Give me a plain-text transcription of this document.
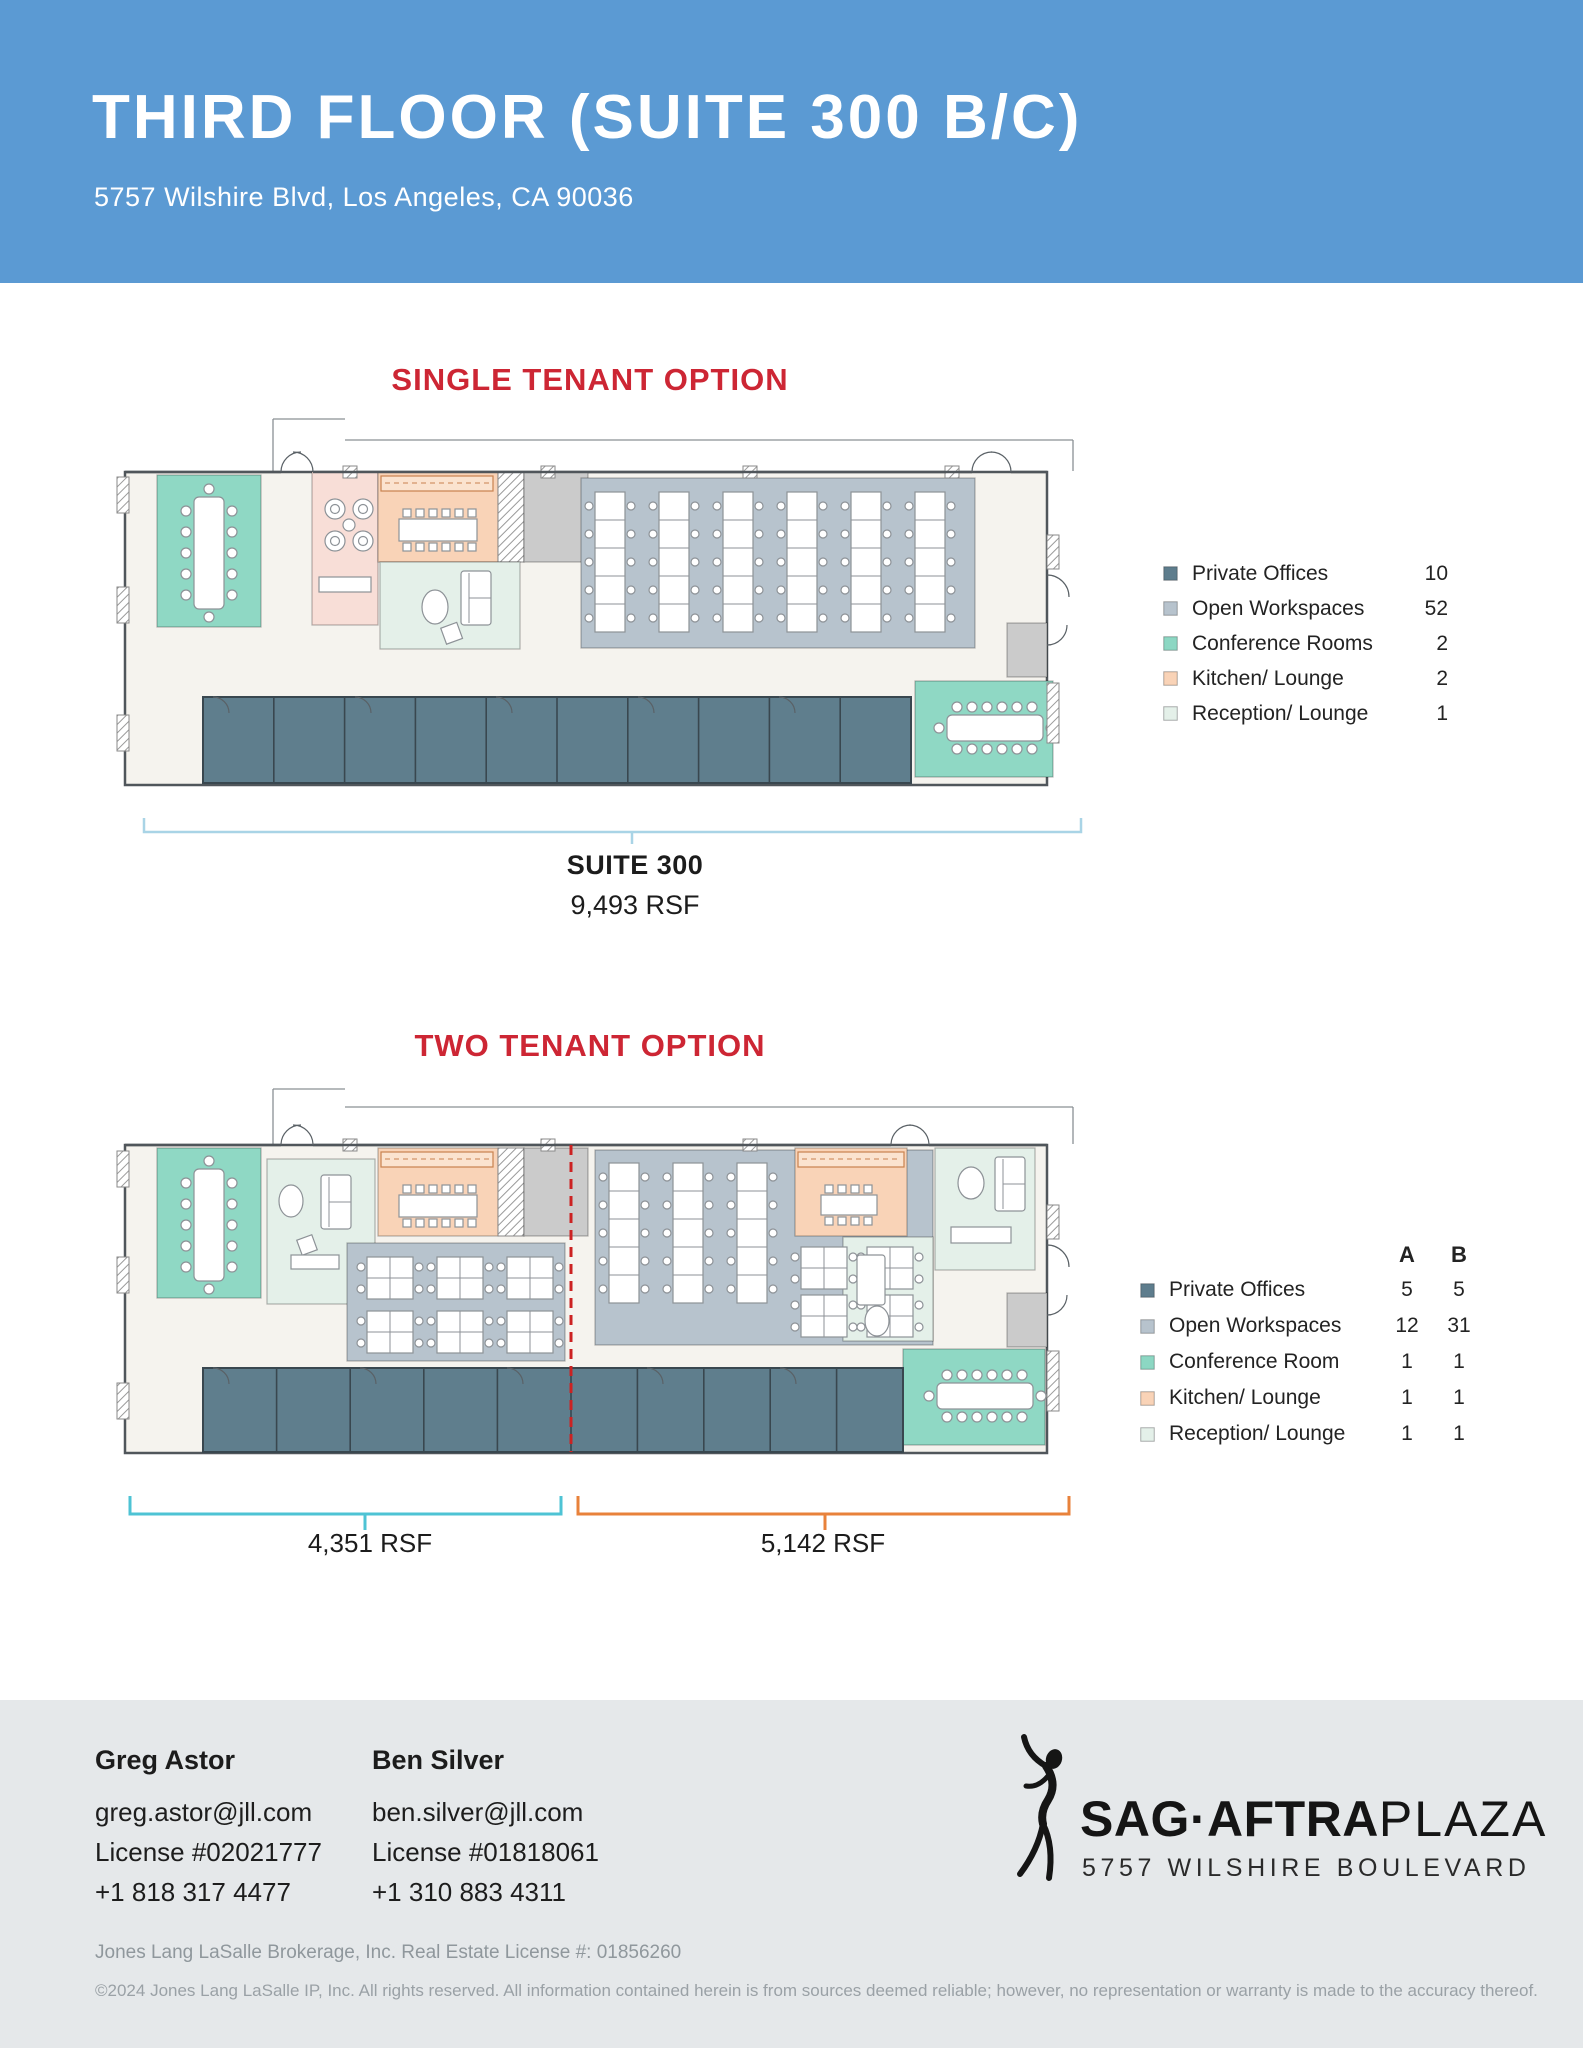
THIRD FLOOR (SUITE 300 B/C)
5757 Wilshire Blvd, Los Angeles, CA 90036
SINGLE TENANT OPTION
Private Offices	10
Open Workspaces	52
Conference Rooms	2
Kitchen/ Lounge	2
Reception/ Lounge	1
SUITE 300
9,493 RSF
TWO TENANT OPTION
A	B
Private Offices	5	5
Open Workspaces	12	31
Conference Room	1	1
Kitchen/ Lounge	1	1
Reception/ Lounge	1	1
4,351 RSF	5,142 RSF
Greg Astor
greg.astor@jll.com
License #02021777
+1 818 317 4477
Ben Silver
ben.silver@jll.com
License #01818061
+1 310 883 4311
SAG·AFTRAPLAZA
5757 WILSHIRE BOULEVARD
Jones Lang LaSalle Brokerage, Inc. Real Estate License #: 01856260
©2024 Jones Lang LaSalle IP, Inc. All rights reserved. All information contained herein is from sources deemed reliable; however, no representation or warranty is made to the accuracy thereof.
